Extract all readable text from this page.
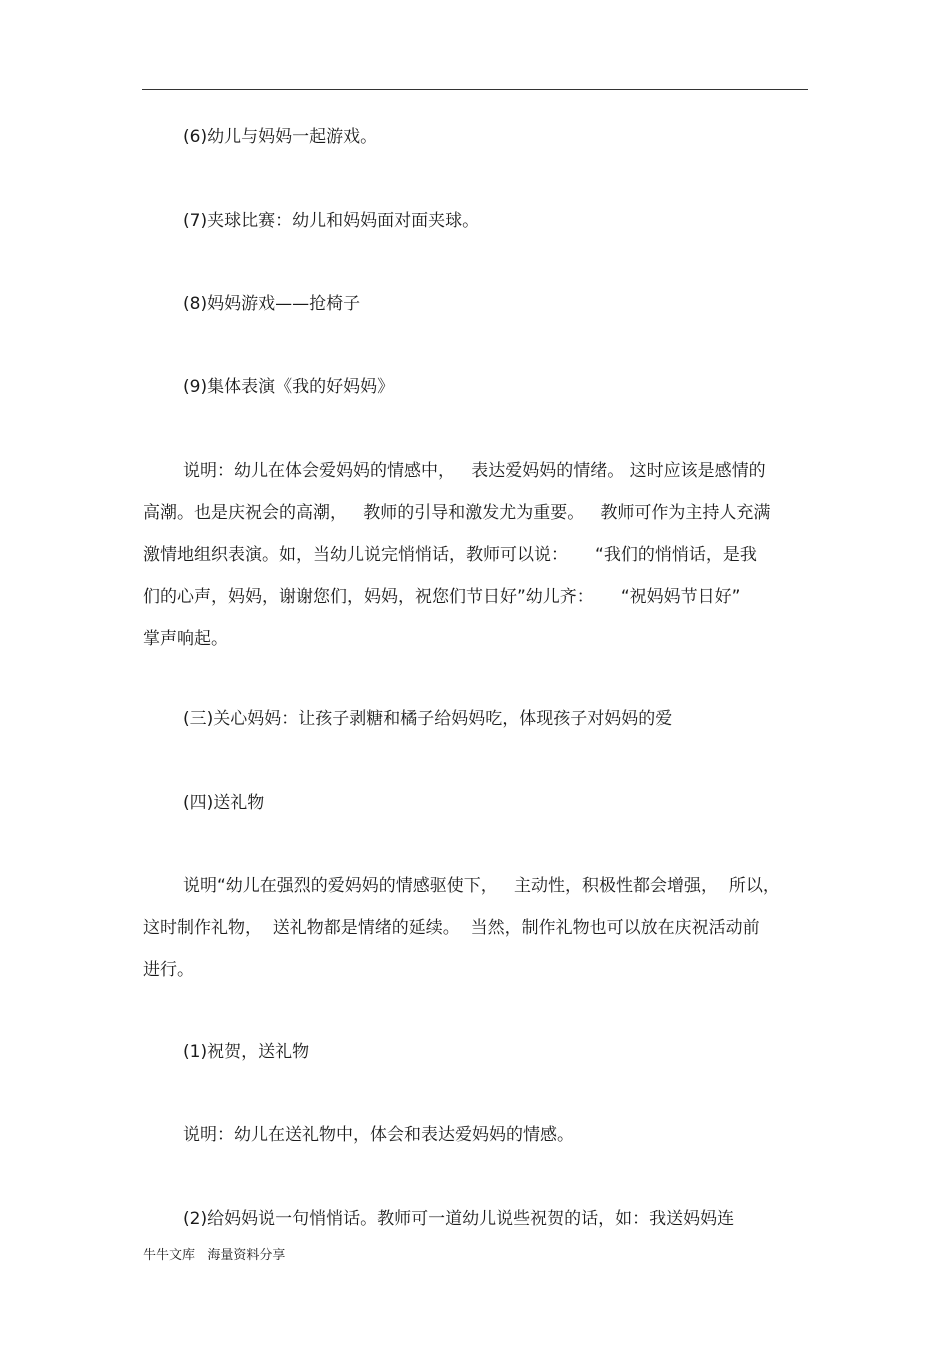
(6)幼儿与妈妈一起游戏。

(7)夹球比赛：幼儿和妈妈面对面夹球。

(8)妈妈游戏——抢椅子

(9)集体表演《我的好妈妈》

说明：幼儿在体会爱妈妈的情感中，   表达爱妈妈的情绪。 这时应该是感情的
高潮。也是庆祝会的高潮，   教师的引导和激发尤为重要。   教师可作为主持人充满
激情地组织表演。如，当幼儿说完悄悄话，教师可以说：     “我们的悄悄话，是我
们的心声，妈妈，谢谢您们，妈妈，祝您们节日好”幼儿齐：     “祝妈妈节日好”
掌声响起。

(三)关心妈妈：让孩子剥糖和橘子给妈妈吃，体现孩子对妈妈的爱

(四)送礼物

说明“幼儿在强烈的爱妈妈的情感驱使下，   主动性，积极性都会增强，  所以，
这时制作礼物，  送礼物都是情绪的延续。  当然，制作礼物也可以放在庆祝活动前
进行。

(1)祝贺，送礼物

说明：幼儿在送礼物中，体会和表达爱妈妈的情感。

(2)给妈妈说一句悄悄话。教师可一道幼儿说些祝贺的话，如：我送妈妈连

牛牛文库   海量资料分享
